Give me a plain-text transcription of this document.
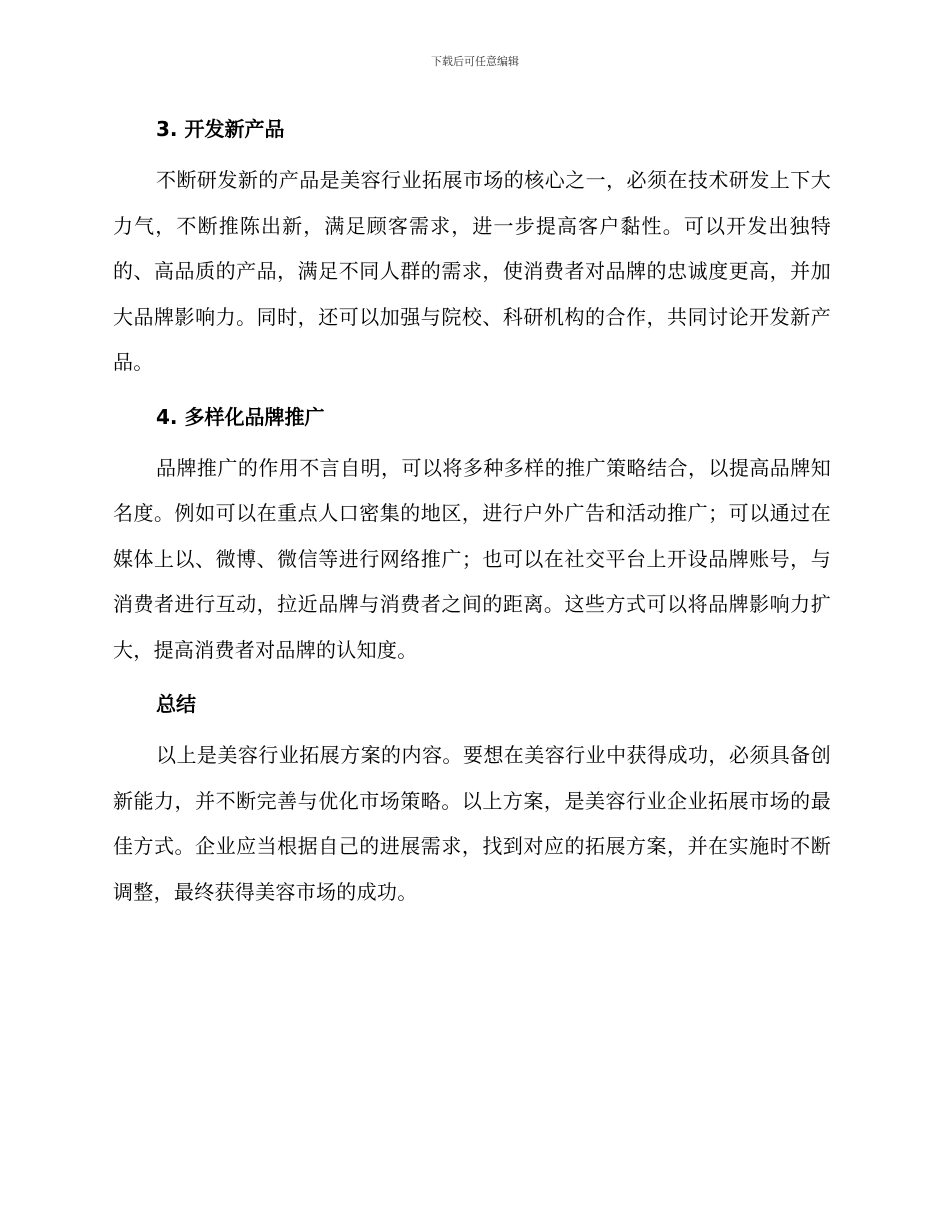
下载后可任意编辑
3. 开发新产品

不断研发新的产品是美容行业拓展市场的核心之一，必须在技术研发上下大力气，不断推陈出新，满足顾客需求，进一步提高客户黏性。可以开发出独特的、高品质的产品，满足不同人群的需求，使消费者对品牌的忠诚度更高，并加大品牌影响力。同时，还可以加强与院校、科研机构的合作，共同讨论开发新产品。

4. 多样化品牌推广

品牌推广的作用不言自明，可以将多种多样的推广策略结合，以提高品牌知名度。例如可以在重点人口密集的地区，进行户外广告和活动推广；可以通过在媒体上以、微博、微信等进行网络推广；也可以在社交平台上开设品牌账号，与消费者进行互动，拉近品牌与消费者之间的距离。这些方式可以将品牌影响力扩大，提高消费者对品牌的认知度。

总结

以上是美容行业拓展方案的内容。要想在美容行业中获得成功，必须具备创新能力，并不断完善与优化市场策略。以上方案，是美容行业企业拓展市场的最佳方式。企业应当根据自己的进展需求，找到对应的拓展方案，并在实施时不断调整，最终获得美容市场的成功。
